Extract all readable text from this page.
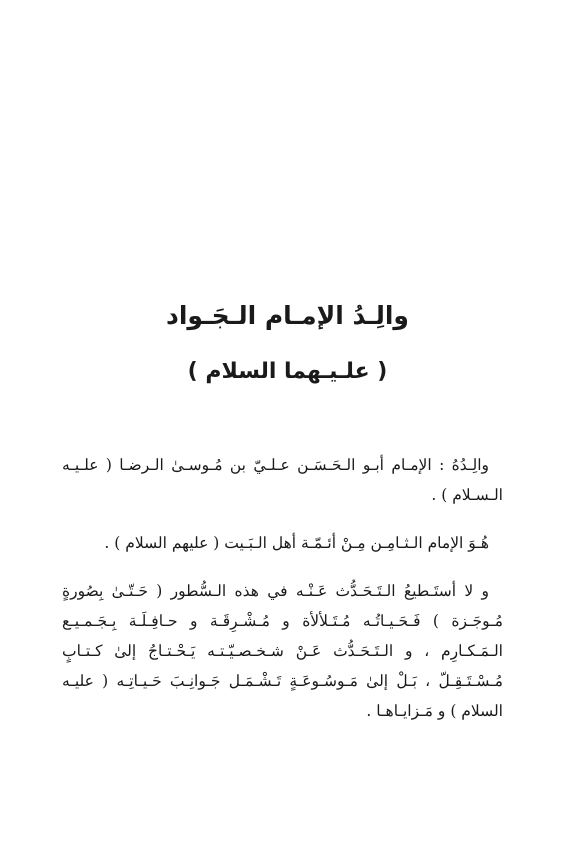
والِـدُ الإمـام الـجَـواد
( علـيـهما السلام )

والِـدُهُ : الإمـام أبـو الـحَـسَـن عـلـيّ بن مُـوسـىٰ الـرضـا ( علـيـه الـسـلام ) .

هُـوَ الإمام الـثـامِـن مِـنْ أئـمّـة أهل الـبَـيت ( عليهم السلام ) .

و لا أستَـطيعُ الـتَـحَـدُّث عَـنْـه في هذه الـسُّطور ( حَـتّـىٰ بِصُورةٍ مُـوجَـزة ) فَـحَـيـاتُـه مُـتَـلألأة و مُـشْـرِقَـة و حـافِـلَـة بِـجَـمـيـع الـمَـكـارِم ، و الـتَـحَـدُّث عَـنْ شـخـصـيّـتـه يَـحْـتـاجُ إلىٰ كـتـابٍ مُـسْـتَـقِـلّ ، بَـلْ إلىٰ مَـوسُـوعَـةٍ تَـشْـمَـل جَـوانِـبَ حَـيـاتِـه ( عليـه السلام ) و مَـزايـاهـا .
